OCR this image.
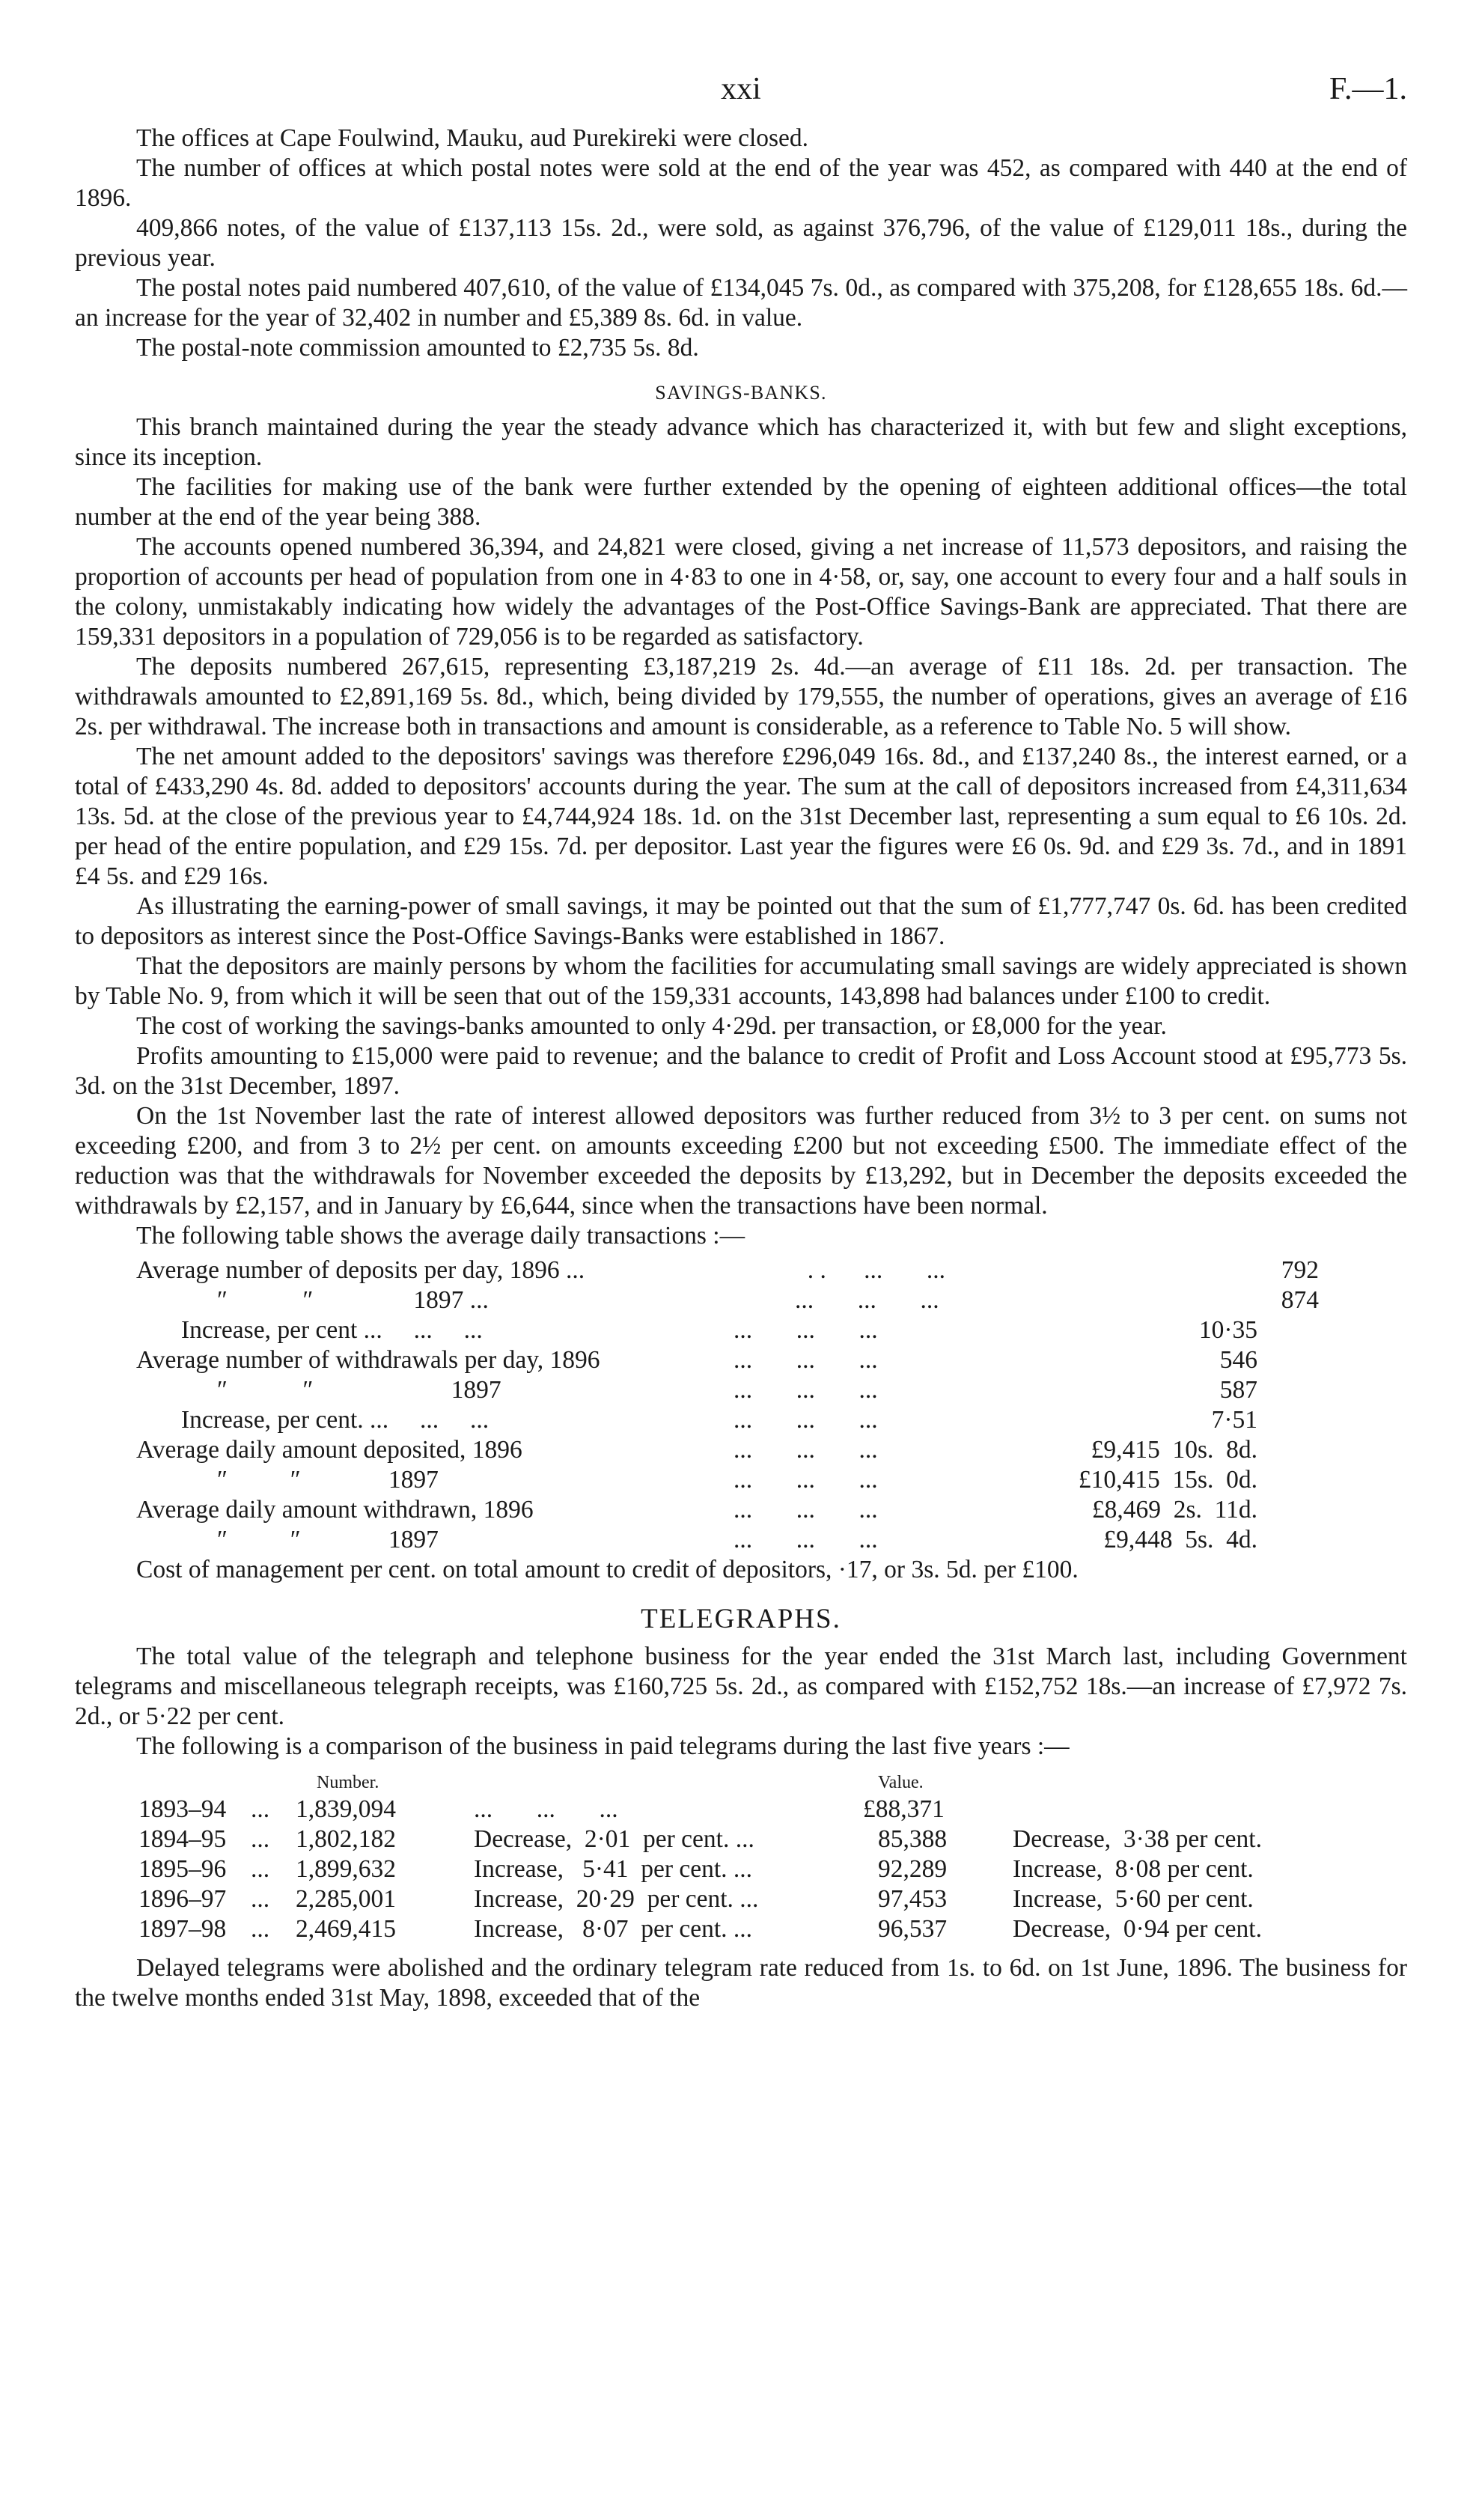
xxi	F.—1.

The offices at Cape Foulwind, Mauku, aud Purekireki were closed.

The number of offices at which postal notes were sold at the end of the year was 452, as compared with 440 at the end of 1896.

409,866 notes, of the value of £137,113 15s. 2d., were sold, as against 376,796, of the value of £129,011 18s., during the previous year.

The postal notes paid numbered 407,610, of the value of £134,045 7s. 0d., as compared with 375,208, for £128,655 18s. 6d.—an increase for the year of 32,402 in number and £5,389 8s. 6d. in value.

The postal-note commission amounted to £2,735 5s. 8d.

SAVINGS-BANKS.

This branch maintained during the year the steady advance which has characterized it, with but few and slight exceptions, since its inception.

The facilities for making use of the bank were further extended by the opening of eighteen additional offices—the total number at the end of the year being 388.

The accounts opened numbered 36,394, and 24,821 were closed, giving a net increase of 11,573 depositors, and raising the proportion of accounts per head of population from one in 4·83 to one in 4·58, or, say, one account to every four and a half souls in the colony, unmistakably indicating how widely the advantages of the Post-Office Savings-Bank are appreciated. That there are 159,331 depositors in a population of 729,056 is to be regarded as satisfactory.

The deposits numbered 267,615, representing £3,187,219 2s. 4d.—an average of £11 18s. 2d. per transaction. The withdrawals amounted to £2,891,169 5s. 8d., which, being divided by 179,555, the number of operations, gives an average of £16 2s. per withdrawal. The increase both in transactions and amount is considerable, as a reference to Table No. 5 will show.

The net amount added to the depositors' savings was therefore £296,049 16s. 8d., and £137,240 8s., the interest earned, or a total of £433,290 4s. 8d. added to depositors' accounts during the year. The sum at the call of depositors increased from £4,311,634 13s. 5d. at the close of the previous year to £4,744,924 18s. 1d. on the 31st December last, representing a sum equal to £6 10s. 2d. per head of the entire population, and £29 15s. 7d. per depositor. Last year the figures were £6 0s. 9d. and £29 3s. 7d., and in 1891 £4 5s. and £29 16s.

As illustrating the earning-power of small savings, it may be pointed out that the sum of £1,777,747 0s. 6d. has been credited to depositors as interest since the Post-Office Savings-Banks were established in 1867.

That the depositors are mainly persons by whom the facilities for accumulating small savings are widely appreciated is shown by Table No. 9, from which it will be seen that out of the 159,331 accounts, 143,898 had balances under £100 to credit.

The cost of working the savings-banks amounted to only 4·29d. per transaction, or £8,000 for the year.

Profits amounting to £15,000 were paid to revenue; and the balance to credit of Profit and Loss Account stood at £95,773 5s. 3d. on the 31st December, 1897.

On the 1st November last the rate of interest allowed depositors was further reduced from 3½ to 3 per cent. on sums not exceeding £200, and from 3 to 2½ per cent. on amounts exceeding £200 but not exceeding £500. The immediate effect of the reduction was that the withdrawals for November exceeded the deposits by £13,292, but in December the deposits exceeded the withdrawals by £2,157, and in January by £6,644, since when the transactions have been normal.

The following table shows the average daily transactions :—

Average number of deposits per day, 1896 ...	. .      ...       ...	792
″            ″                1897 ...	...       ...       ...	874
Increase, per cent ...     ...     ...	...       ...       ...	10·35
Average number of withdrawals per day, 1896	...       ...       ...	546
″            ″                      1897	...       ...       ...	587
Increase, per cent. ...     ...     ...	...       ...       ...	7·51
Average daily amount deposited, 1896	...       ...       ...	£9,415  10s.  8d.
″          ″              1897	...       ...       ...	£10,415  15s.  0d.
Average daily amount withdrawn, 1896	...       ...       ...	£8,469  2s.  11d.
″          ″              1897	...       ...       ...	£9,448  5s.  4d.
Cost of management per cent. on total amount to credit of depositors, ·17, or 3s. 5d. per £100.
TELEGRAPHS.

The total value of the telegraph and telephone business for the year ended the 31st March last, including Government telegrams and miscellaneous telegraph receipts, was £160,725 5s. 2d., as compared with £152,752 18s.—an increase of £7,972 7s. 2d., or 5·22 per cent.

The following is a comparison of the business in paid telegrams during the last five years :—

		Number.		Value.	
1893–94	...	1,839,094	...       ...       ...	£88,371	
1894–95	...	1,802,182	Decrease,  2·01  per cent. ...	85,388	Decrease,  3·38 per cent.
1895–96	...	1,899,632	Increase,   5·41  per cent. ...	92,289	Increase,  8·08 per cent.
1896–97	...	2,285,001	Increase,  20·29  per cent. ...	97,453	Increase,  5·60 per cent.
1897–98	...	2,469,415	Increase,   8·07  per cent. ...	96,537	Decrease,  0·94 per cent.

Delayed telegrams were abolished and the ordinary telegram rate reduced from 1s. to 6d. on 1st June, 1896. The business for the twelve months ended 31st May, 1898, exceeded that of the
